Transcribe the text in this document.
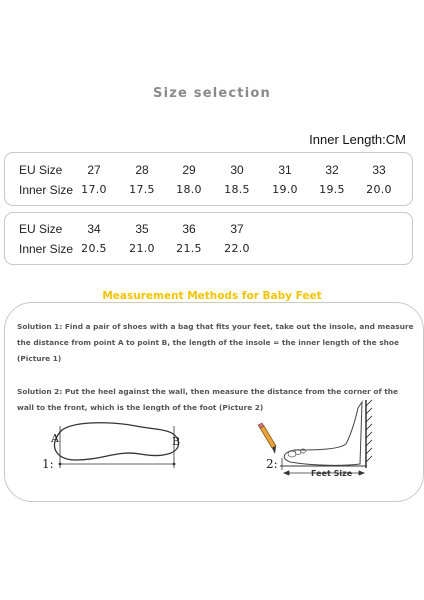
Size selection
Inner Length:CM
EU Size	27	28	29	30	31	32	33
Inner Size 17.0	17.5	18.0	18.5	19.0	19.5	20.0
EU Size	34	35	36	37
Inner Size 20.5	21.0	21.5	22.0
Measurement Methods for Baby Feet
Solution 1: Find a pair of shoes with a bag that fits your feet, take out the insole, and measure
the distance from point A to point B, the length of the insole = the inner length of the shoe
(Picture 1)
Solution 2: Put the heel against the wall, then measure the distance from the corner of the
wall to the front, which is the length of the foot (Picture 2)
A	B
1:	2:
Feet Size
